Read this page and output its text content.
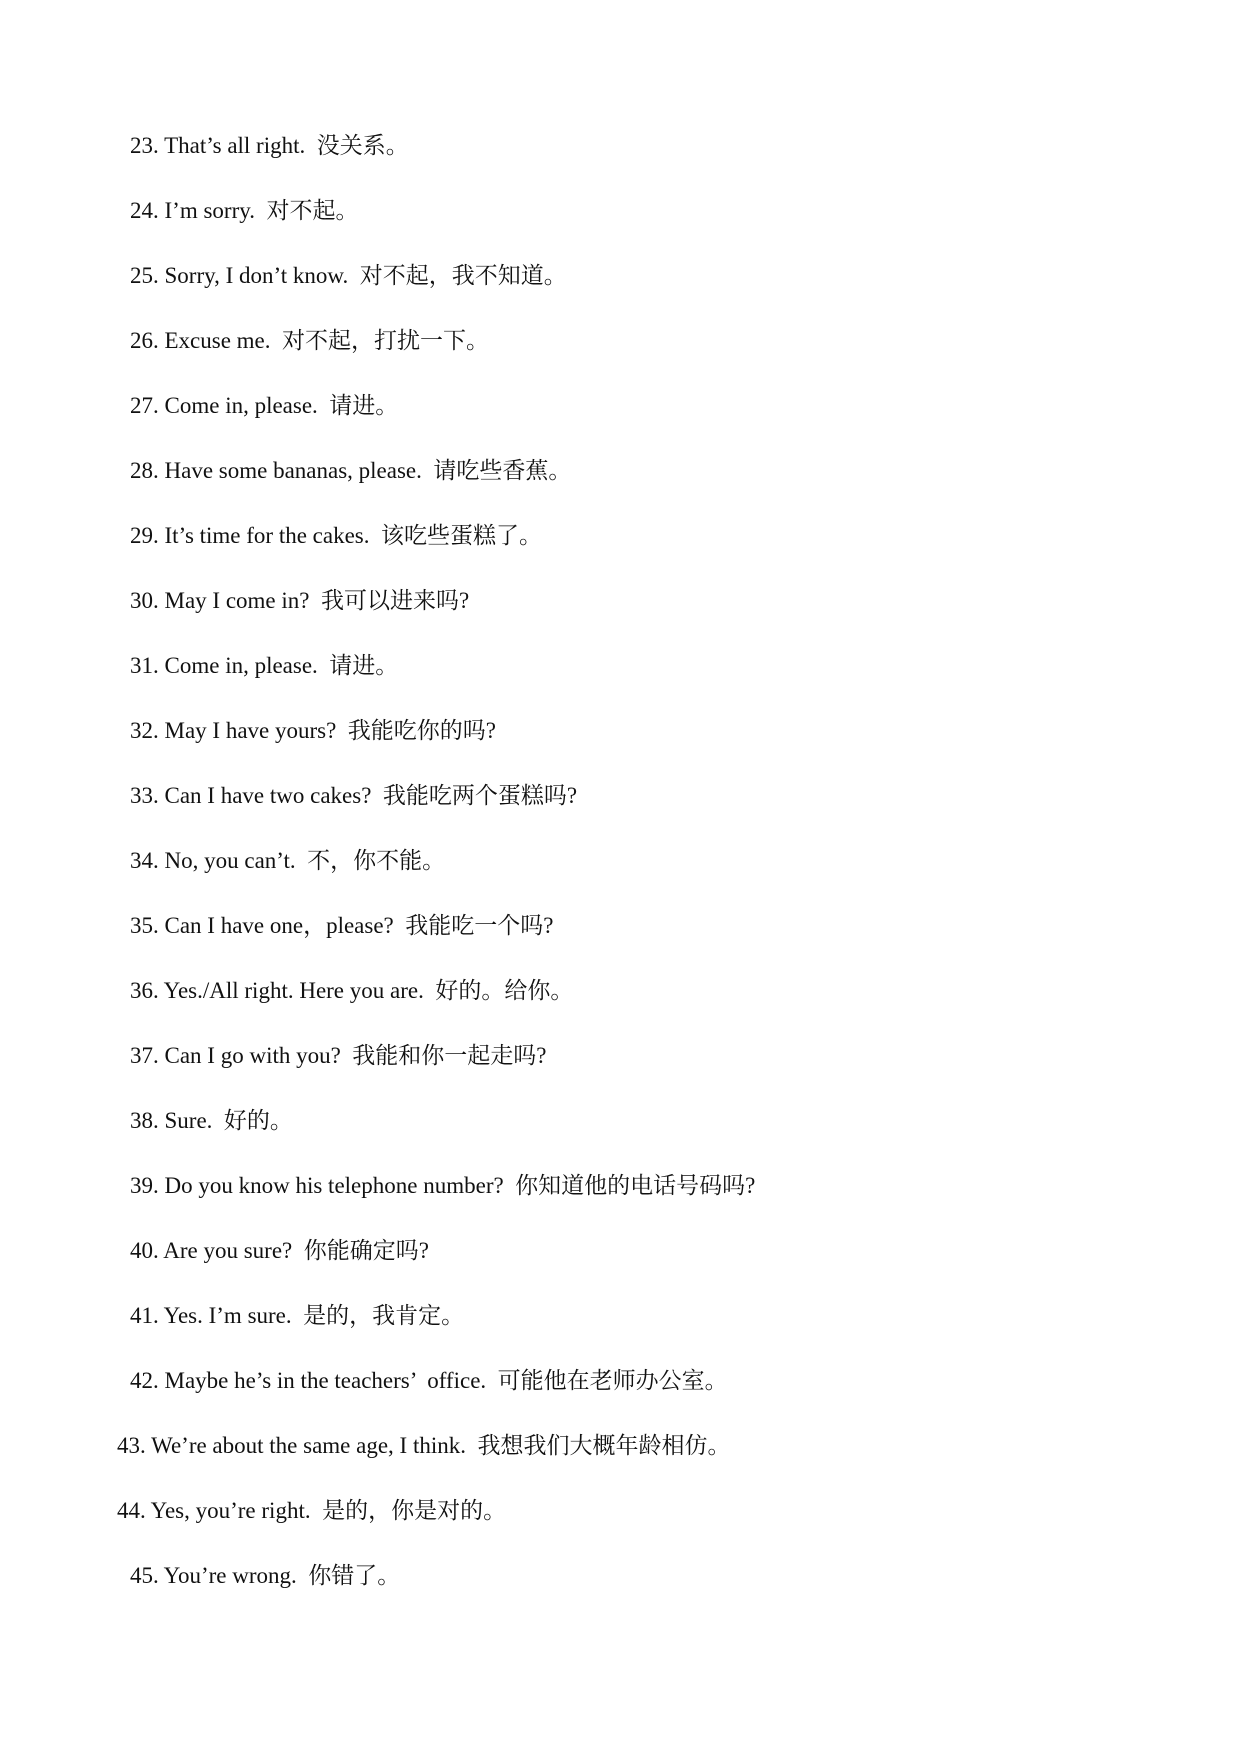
23. That’s all right.  没关系。
24. I’m sorry.  对不起。
25. Sorry, I don’t know.  对不起，我不知道。
26. Excuse me.  对不起，打扰一下。
27. Come in, please.  请进。
28. Have some bananas, please.  请吃些香蕉。
29. It’s time for the cakes.  该吃些蛋糕了。
30. May I come in?  我可以进来吗?
31. Come in, please.  请进。
32. May I have yours?  我能吃你的吗?
33. Can I have two cakes?  我能吃两个蛋糕吗?
34. No, you can’t.  不，你不能。
35. Can I have one，please?  我能吃一个吗?
36. Yes./All right. Here you are.  好的。给你。
37. Can I go with you?  我能和你一起走吗?
38. Sure.  好的。
39. Do you know his telephone number?  你知道他的电话号码吗?
40. Are you sure?  你能确定吗?
41. Yes. I’m sure.  是的，我肯定。
42. Maybe he’s in the teachers’  office.  可能他在老师办公室。
43. We’re about the same age, I think.  我想我们大概年龄相仿。
44. Yes, you’re right.  是的，你是对的。
45. You’re wrong.  你错了。
